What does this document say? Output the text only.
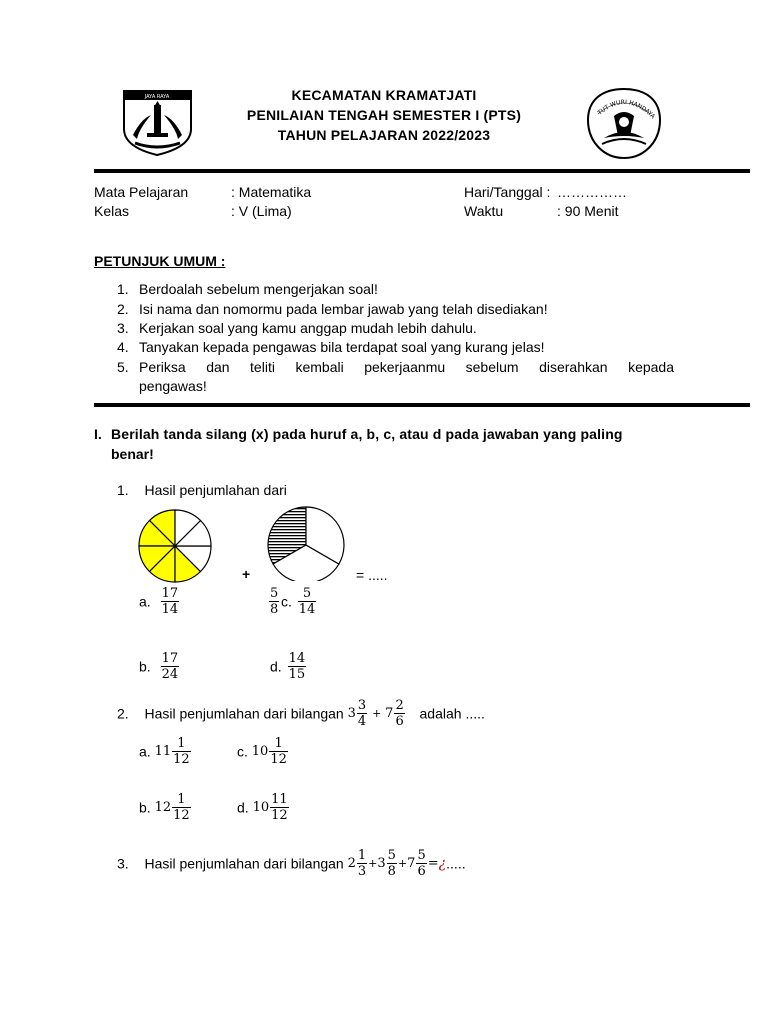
JAYA RAYA	KECAMATAN KRAMATJATI
PENILAIAN TENGAH SEMESTER I (PTS)
TAHUN PELAJARAN 2022/2023
TUT WURI HANDAYA
Mata Pelajaran	: Matematika	Hari/Tanggal : ……………
Kelas	: V (Lima)	Waktu	: 90 Menit
PETUNJUK UMUM :
1. Berdoalah sebelum mengerjakan soal!
2. Isi nama dan nomormu pada lembar jawab yang telah disediakan!
3. Kerjakan soal yang kamu anggap mudah lebih dahulu.
4. Tanyakan kepada pengawas bila terdapat soal yang kurang jelas!
5. Periksa dan teliti kembali pekerjaanmu sebelum diserahkan kepada
pengawas!
I. Berilah tanda silang (x) pada huruf a, b, c, atau d pada jawaban yang paling
benar!
1. Hasil penjumlahan dari
+	= .....
a. $\frac{17}{14}$	$\frac{5}{8} c$. $\frac{5}{14}$
b. $\frac{17}{24}$	d. $\frac{14}{15}$
2. Hasil penjumlahan dari bilangan $3 \frac{3}{4} + 7 \frac{2}{6}$ adalah .....
a. $11 \frac{1}{12}$	c. $10 \frac{1}{12}$
b. $12 \frac{1}{12}$	d. $10 \frac{11}{12}$
3. Hasil penjumlahan dari bilangan $2 \frac{1}{3} +3 \frac{5}{8} +7 \frac{5}{6}$ =¿.....
